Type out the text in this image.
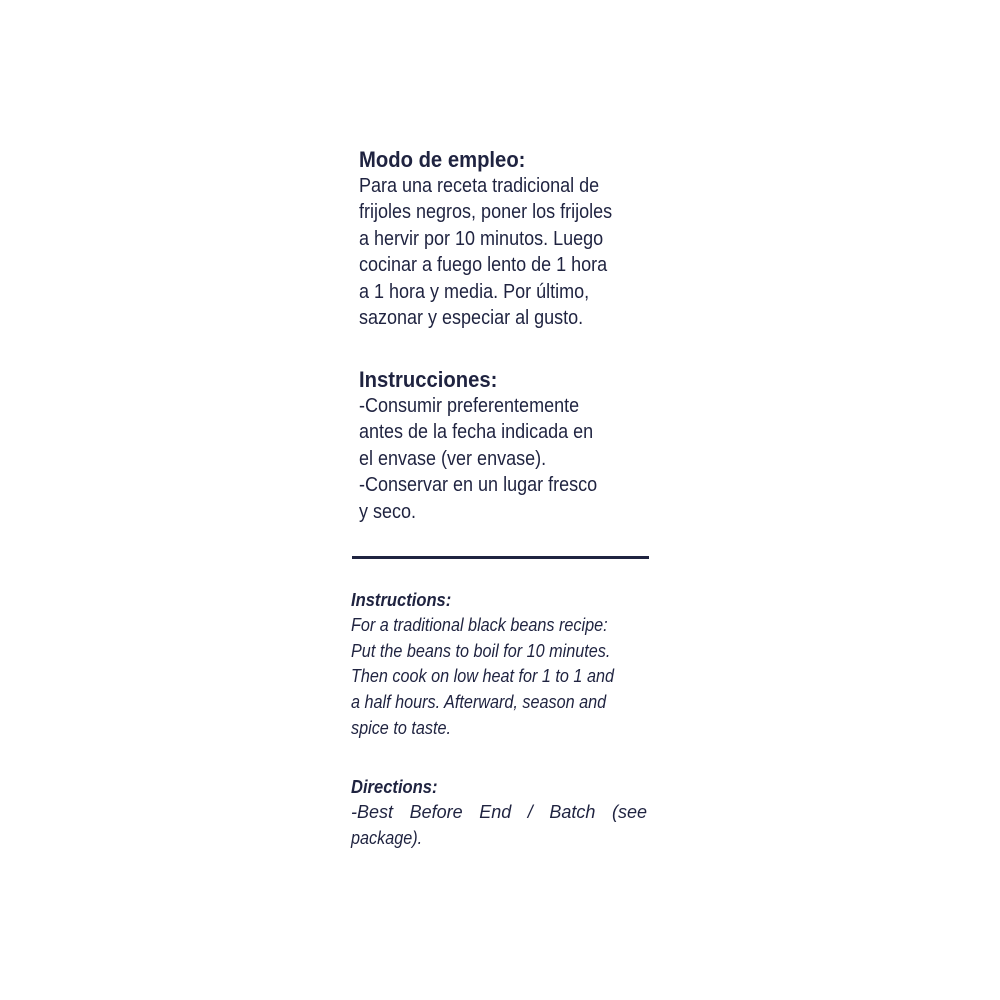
Modo de empleo:
Para una receta tradicional de
frijoles negros, poner los frijoles
a hervir por 10 minutos. Luego
cocinar a fuego lento de 1 hora
a 1 hora y media. Por último,
sazonar y especiar al gusto.
Instrucciones:
-Consumir preferentemente
antes de la fecha indicada en
el envase (ver envase).
-Conservar en un lugar fresco
y seco.
Instructions:
For a traditional black beans recipe:
Put the beans to boil for 10 minutes.
Then cook on low heat for 1 to 1 and
a half hours. Afterward, season and
spice to taste.
Directions:
-Best Before End / Batch (see
package).
